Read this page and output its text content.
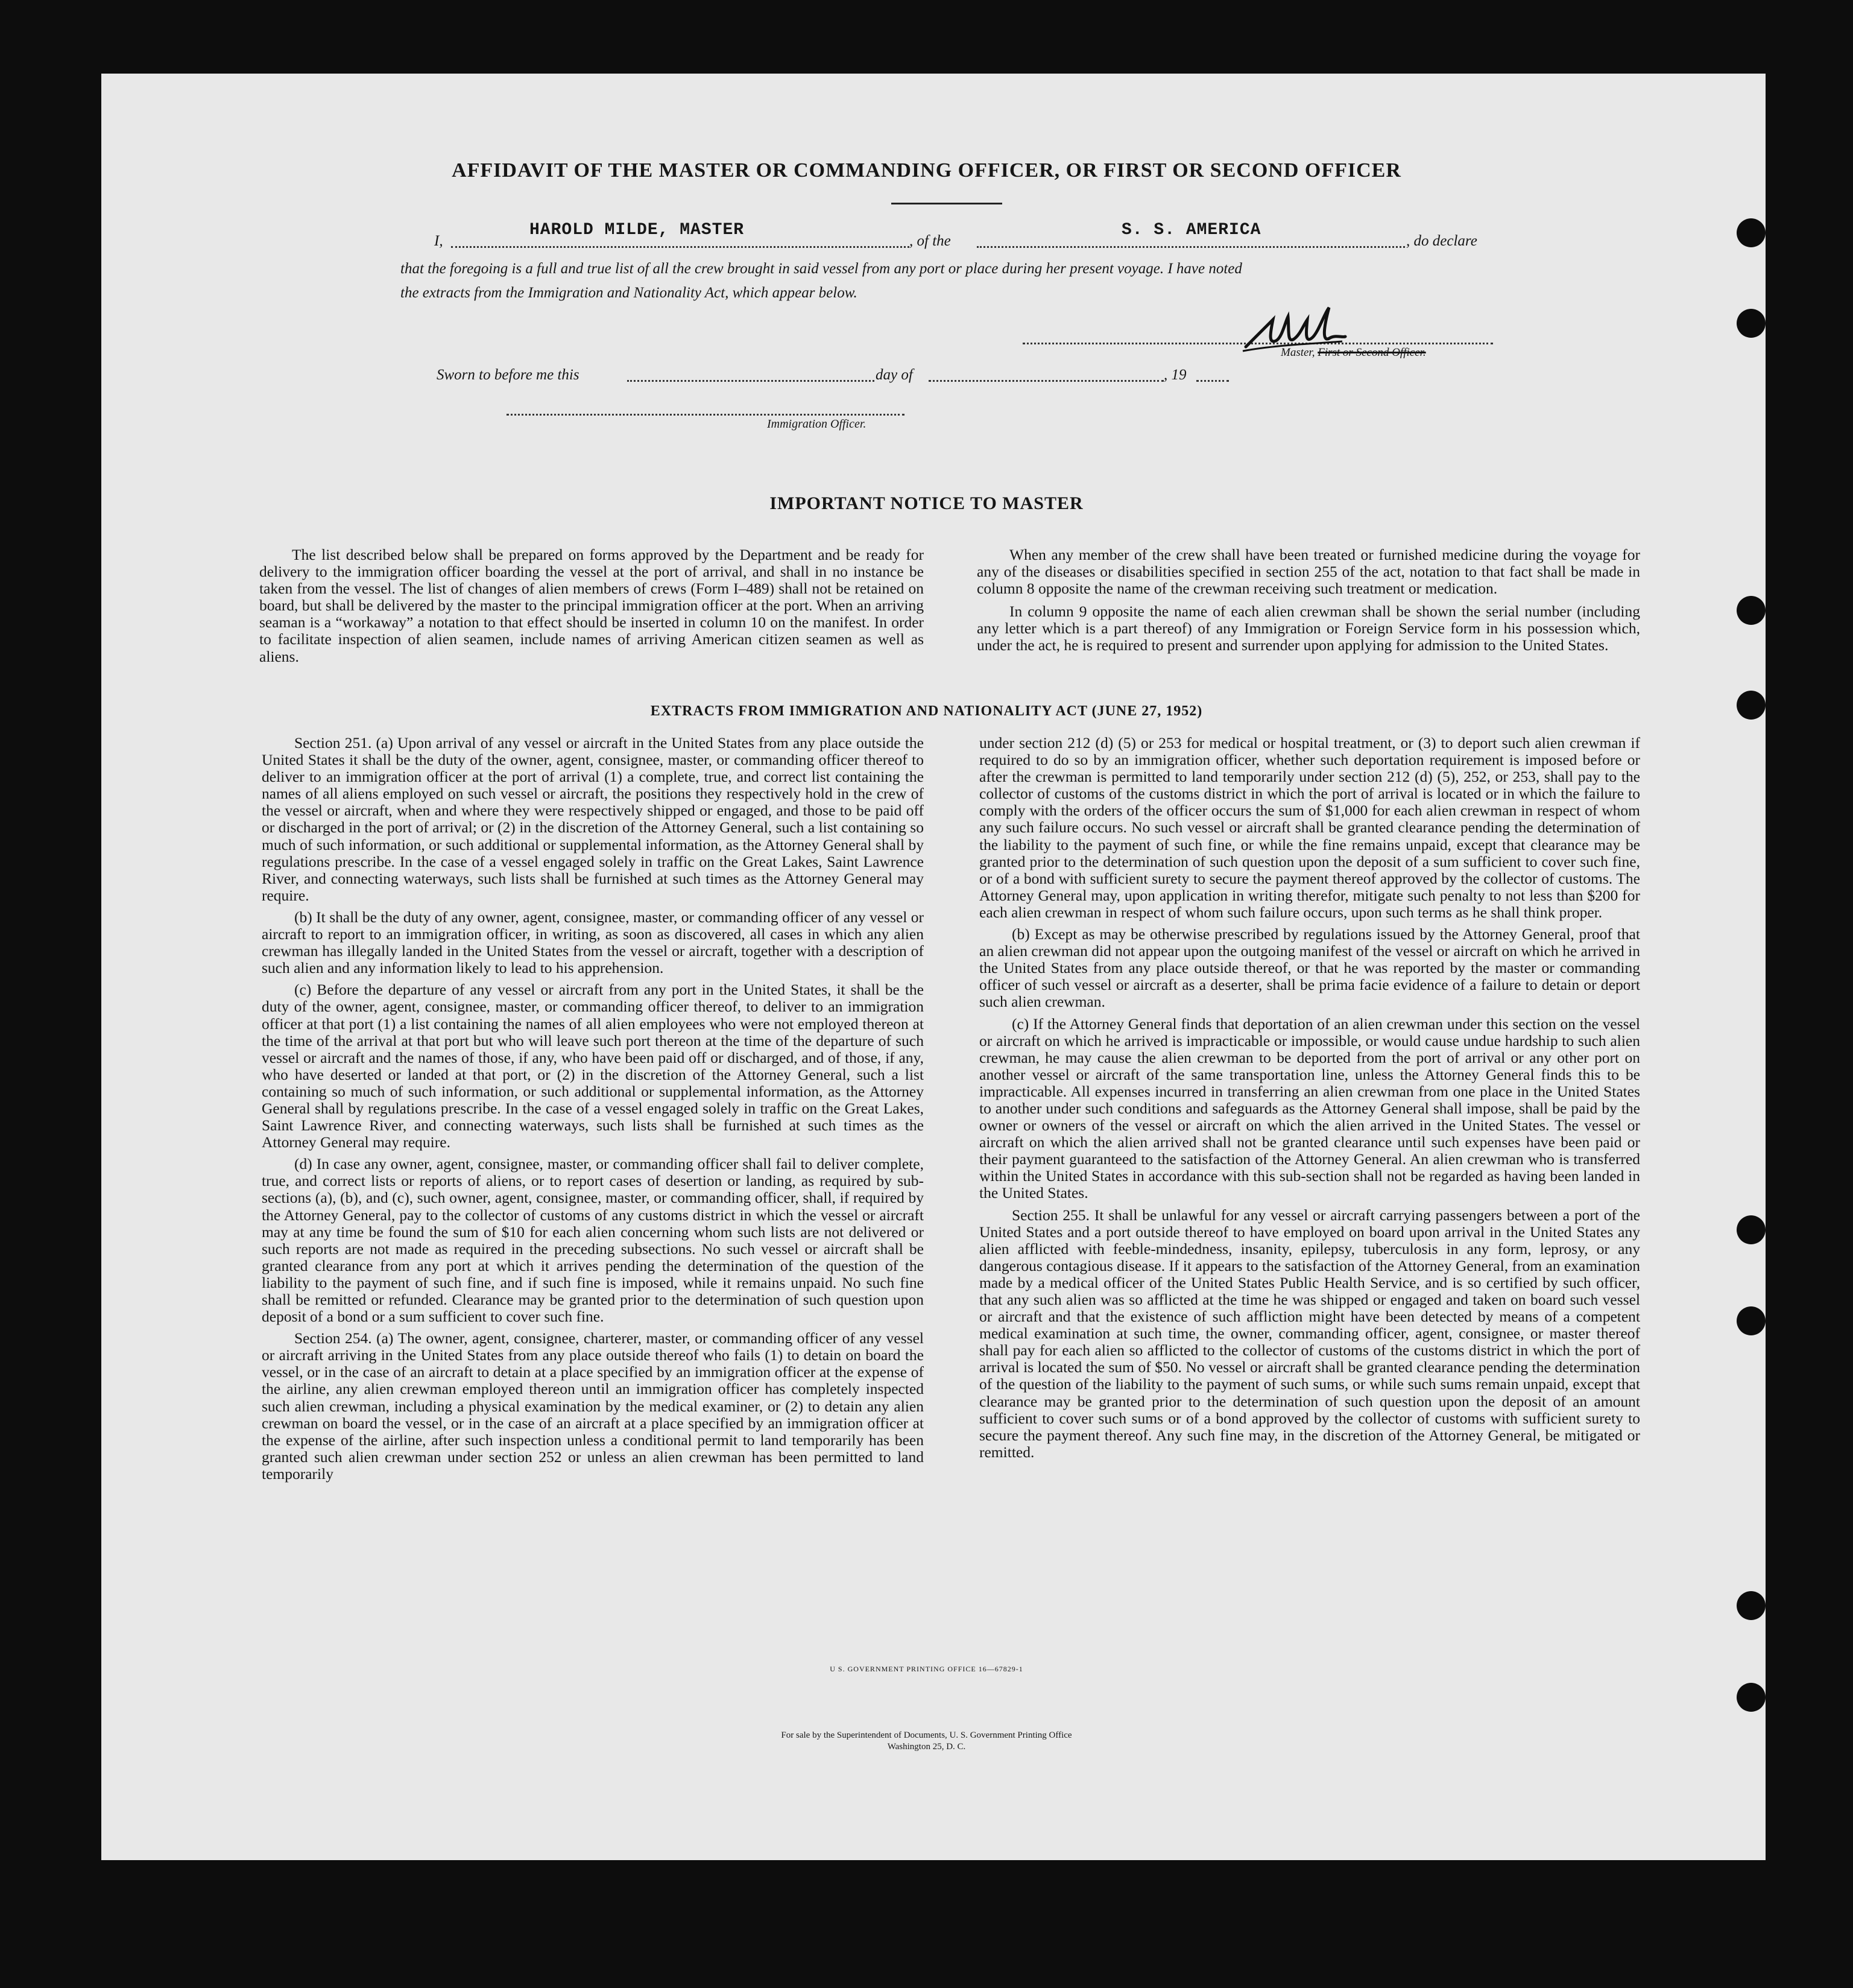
AFFIDAVIT OF THE MASTER OR COMMANDING OFFICER, OR FIRST OR SECOND OFFICER
I,
HAROLD MILDE, MASTER
, of the
S. S. AMERICA
, do declare
that the foregoing is a full and true list of all the crew brought in said vessel from any port or place during her present voyage. I have noted
the extracts from the Immigration and Nationality Act, which appear below.
Master, First or Second Officer.
Sworn to before me this	day of	, 19
Immigration Officer.
IMPORTANT NOTICE TO MASTER

The list described below shall be prepared on forms approved by the Department and be ready for delivery to the immigration officer boarding the vessel at the port of arrival, and shall in no instance be taken from the vessel. The list of changes of alien members of crews (Form I–489) shall not be retained on board, but shall be delivered by the master to the principal immigration officer at the port. When an arriving seaman is a “workaway” a notation to that effect should be inserted in column 10 on the manifest. In order to facilitate inspection of alien seamen, include names of arriving American citizen seamen as well as aliens.

When any member of the crew shall have been treated or furnished medicine during the voyage for any of the diseases or disabilities specified in section 255 of the act, notation to that fact shall be made in column 8 opposite the name of the crewman receiving such treatment or medication.

In column 9 opposite the name of each alien crewman shall be shown the serial number (including any letter which is a part thereof) of any Immigration or Foreign Service form in his possession which, under the act, he is required to present and surrender upon applying for admission to the United States.

EXTRACTS FROM IMMIGRATION AND NATIONALITY ACT (JUNE 27, 1952)

Section 251. (a) Upon arrival of any vessel or aircraft in the United States from any place outside the United States it shall be the duty of the owner, agent, consignee, master, or commanding officer thereof to deliver to an immigration officer at the port of arrival (1) a complete, true, and correct list containing the names of all aliens employed on such vessel or aircraft, the positions they respectively hold in the crew of the vessel or aircraft, when and where they were respectively shipped or engaged, and those to be paid off or discharged in the port of arrival; or (2) in the discretion of the Attorney General, such a list containing so much of such information, or such additional or supplemental information, as the Attorney General shall by regulations prescribe. In the case of a vessel engaged solely in traffic on the Great Lakes, Saint Lawrence River, and connecting waterways, such lists shall be furnished at such times as the Attorney General may require.

(b) It shall be the duty of any owner, agent, consignee, master, or commanding officer of any vessel or aircraft to report to an immigration officer, in writing, as soon as discovered, all cases in which any alien crewman has illegally landed in the United States from the vessel or aircraft, together with a description of such alien and any information likely to lead to his apprehension.

(c) Before the departure of any vessel or aircraft from any port in the United States, it shall be the duty of the owner, agent, consignee, master, or commanding officer thereof, to deliver to an immigration officer at that port (1) a list containing the names of all alien employees who were not employed thereon at the time of the arrival at that port but who will leave such port thereon at the time of the departure of such vessel or aircraft and the names of those, if any, who have been paid off or discharged, and of those, if any, who have deserted or landed at that port, or (2) in the discretion of the Attorney General, such a list containing so much of such information, or such additional or supplemental information, as the Attorney General shall by regulations prescribe. In the case of a vessel engaged solely in traffic on the Great Lakes, Saint Lawrence River, and connecting waterways, such lists shall be furnished at such times as the Attorney General may require.

(d) In case any owner, agent, consignee, master, or commanding officer shall fail to deliver complete, true, and correct lists or reports of aliens, or to report cases of desertion or landing, as required by sub-sections (a), (b), and (c), such owner, agent, consignee, master, or commanding officer, shall, if required by the Attorney General, pay to the collector of customs of any customs district in which the vessel or aircraft may at any time be found the sum of $10 for each alien concerning whom such lists are not delivered or such reports are not made as required in the preceding subsections. No such vessel or aircraft shall be granted clearance from any port at which it arrives pending the determination of the question of the liability to the payment of such fine, and if such fine is imposed, while it remains unpaid. No such fine shall be remitted or refunded. Clearance may be granted prior to the determination of such question upon deposit of a bond or a sum sufficient to cover such fine.

Section 254. (a) The owner, agent, consignee, charterer, master, or commanding officer of any vessel or aircraft arriving in the United States from any place outside thereof who fails (1) to detain on board the vessel, or in the case of an aircraft to detain at a place specified by an immigration officer at the expense of the airline, any alien crewman employed thereon until an immigration officer has completely inspected such alien crewman, including a physical examination by the medical examiner, or (2) to detain any alien crewman on board the vessel, or in the case of an aircraft at a place specified by an immigration officer at the expense of the airline, after such inspection unless a conditional permit to land temporarily has been granted such alien crewman under section 252 or unless an alien crewman has been permitted to land temporarily

under section 212 (d) (5) or 253 for medical or hospital treatment, or (3) to deport such alien crewman if required to do so by an immigration officer, whether such deportation requirement is imposed before or after the crewman is permitted to land temporarily under section 212 (d) (5), 252, or 253, shall pay to the collector of customs of the customs district in which the port of arrival is located or in which the failure to comply with the orders of the officer occurs the sum of $1,000 for each alien crewman in respect of whom any such failure occurs. No such vessel or aircraft shall be granted clearance pending the determination of the liability to the payment of such fine, or while the fine remains unpaid, except that clearance may be granted prior to the determination of such question upon the deposit of a sum sufficient to cover such fine, or of a bond with sufficient surety to secure the payment thereof approved by the collector of customs. The Attorney General may, upon application in writing therefor, mitigate such penalty to not less than $200 for each alien crewman in respect of whom such failure occurs, upon such terms as he shall think proper.

(b) Except as may be otherwise prescribed by regulations issued by the Attorney General, proof that an alien crewman did not appear upon the outgoing manifest of the vessel or aircraft on which he arrived in the United States from any place outside thereof, or that he was reported by the master or commanding officer of such vessel or aircraft as a deserter, shall be prima facie evidence of a failure to detain or deport such alien crewman.

(c) If the Attorney General finds that deportation of an alien crewman under this section on the vessel or aircraft on which he arrived is impracticable or impossible, or would cause undue hardship to such alien crewman, he may cause the alien crewman to be deported from the port of arrival or any other port on another vessel or aircraft of the same transportation line, unless the Attorney General finds this to be impracticable. All expenses incurred in transferring an alien crewman from one place in the United States to another under such conditions and safeguards as the Attorney General shall impose, shall be paid by the owner or owners of the vessel or aircraft on which the alien arrived in the United States. The vessel or aircraft on which the alien arrived shall not be granted clearance until such expenses have been paid or their payment guaranteed to the satisfaction of the Attorney General. An alien crewman who is transferred within the United States in accordance with this sub-section shall not be regarded as having been landed in the United States.

Section 255. It shall be unlawful for any vessel or aircraft carrying passengers between a port of the United States and a port outside thereof to have employed on board upon arrival in the United States any alien afflicted with feeble-mindedness, insanity, epilepsy, tuberculosis in any form, leprosy, or any dangerous contagious disease. If it appears to the satisfaction of the Attorney General, from an examination made by a medical officer of the United States Public Health Service, and is so certified by such officer, that any such alien was so afflicted at the time he was shipped or engaged and taken on board such vessel or aircraft and that the existence of such affliction might have been detected by means of a competent medical examination at such time, the owner, commanding officer, agent, consignee, or master thereof shall pay for each alien so afflicted to the collector of customs of the customs district in which the port of arrival is located the sum of $50. No vessel or aircraft shall be granted clearance pending the determination of the question of the liability to the payment of such sums, or while such sums remain unpaid, except that clearance may be granted prior to the determination of such question upon the deposit of an amount sufficient to cover such sums or of a bond approved by the collector of customs with sufficient surety to secure the payment thereof. Any such fine may, in the discretion of the Attorney General, be mitigated or remitted.

U S. GOVERNMENT PRINTING OFFICE 16—67829-1
For sale by the Superintendent of Documents, U. S. Government Printing Office
Washington 25, D. C.
